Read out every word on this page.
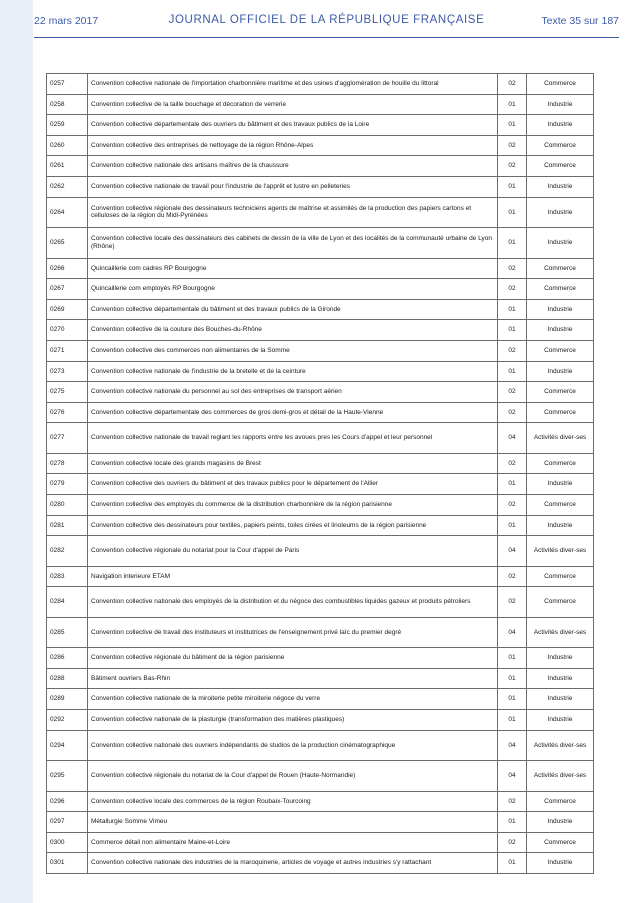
22 mars 2017	JOURNAL OFFICIEL DE LA RÉPUBLIQUE FRANÇAISE	Texte 35 sur 187
0257	Convention collective nationale de l'importation charbonnière maritime et des usines d'agglomération de houille du littoral	02	Commerce
0258	Convention collective de la taille bouchage et décoration de verrerie	01	Industrie
0259	Convention collective départementale des ouvriers du bâtiment et des travaux publics de la Loire	01	Industrie
0260	Convention collective des entreprises de nettoyage de la région Rhône-Alpes	02	Commerce
0261	Convention collective nationale des artisans maîtres de la chaussure	02	Commerce
0262	Convention collective nationale de travail pour l'industrie de l'apprêt et lustre en pelleteries	01	Industrie
0264	Convention collective régionale des dessinateurs techniciens agents de maîtrise et assimilés de la production des papiers cartons et celluloses de la région du Midi-Pyrénées	01	Industrie
0265	Convention collective locale des dessinateurs des cabinets de dessin de la ville de Lyon et des localités de la communauté urbaine de Lyon (Rhône)	01	Industrie
0266	Quincaillerie com cadres RP Bourgogne	02	Commerce
0267	Quincaillerie com employés RP Bourgogne	02	Commerce
0269	Convention collective départementale du bâtiment et des travaux publics de la Gironde	01	Industrie
0270	Convention collective de la couture des Bouches-du-Rhône	01	Industrie
0271	Convention collective des commerces non alimentaires de la Somme	02	Commerce
0273	Convention collective nationale de l'industrie de la bretelle et de la ceinture	01	Industrie
0275	Convention collective nationale du personnel au sol des entreprises de transport aérien	02	Commerce
0276	Convention collective départementale des commerces de gros demi-gros et détail de la Haute-Vienne	02	Commerce
0277	Convention collective nationale de travail reglant les rapports entre les avoues pres les Cours d'appel et leur personnel	04	Activités diver-ses
0278	Convention collective locale des grands magasins de Brest	02	Commerce
0279	Convention collective des ouvriers du bâtiment et des travaux publics pour le département de l'Allier	01	Industrie
0280	Convention collective des employés du commerce de la distribution charbonnière de la région parisienne	02	Commerce
0281	Convention collective des dessinateurs pour textiles, papiers peints, toiles cirées et linoleums de la région parisienne	01	Industrie
0282	Convention collective régionale du notariat pour la Cour d'appel de Paris	04	Activités diver-ses
0283	Navigation interieure ETAM	02	Commerce
0284	Convention collective nationale des employés de la distribution et du négoce des combustibles liquides gazeux et produits pétroliers	02	Commerce
0285	Convention collective de travail des instituteurs et institutrices de l'enseignement privé laïc du premier degré	04	Activités diver-ses
0286	Convention collective régionale du bâtiment de la région parisienne	01	Industrie
0288	Bâtiment ouvriers Bas-Rhin	01	Industrie
0289	Convention collective nationale de la miroiterie petite miroiterie négoce du verre	01	Industrie
0292	Convention collective nationale de la plasturgie (transformation des matières plastiques)	01	Industrie
0294	Convention collective nationale des ouvriers indépendants de studios de la production cinématographique	04	Activités diver-ses
0295	Convention collective régionale du notariat de la Cour d'appel de Rouen (Haute-Normandie)	04	Activités diver-ses
0296	Convention collective locale des commerces de la région Roubaix-Tourcoing	02	Commerce
0297	Métallurgie Somme Vimeu	01	Industrie
0300	Commerce détail non alimentaire Maine-et-Loire	02	Commerce
0301	Convention collective nationale des industries de la maroquinerie, articles de voyage et autres industries s'y rattachant	01	Industrie
